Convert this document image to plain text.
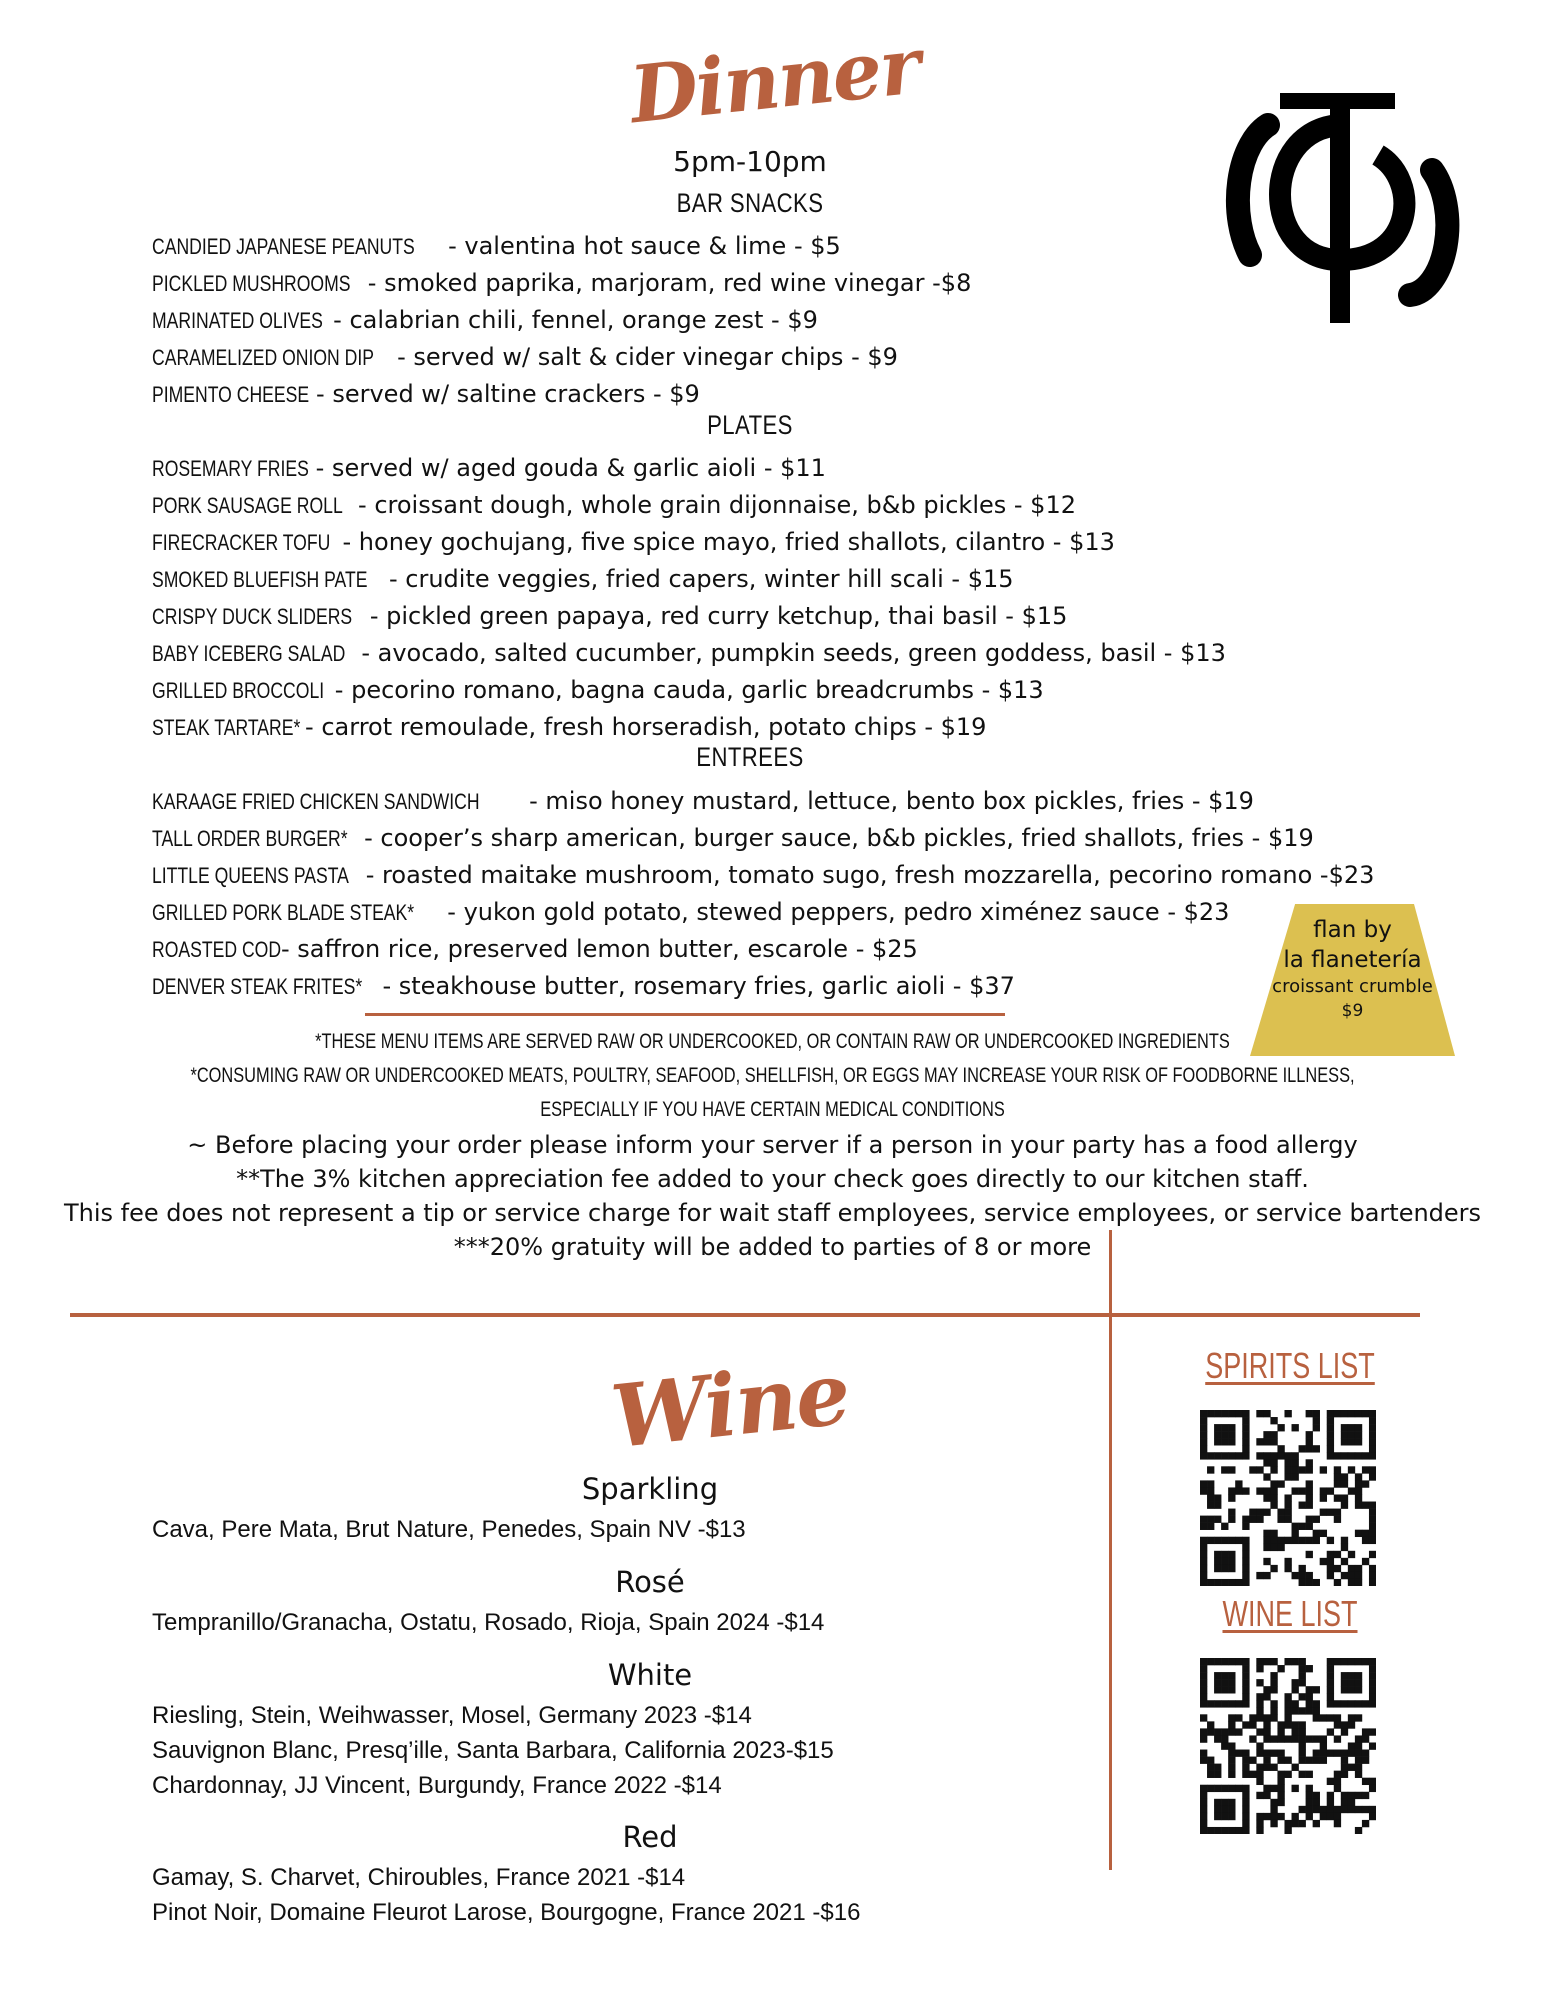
Dinner
5pm-10pm
BAR SNACKS
CANDIED JAPANESE PEANUTS - valentina hot sauce & lime - $5
PICKLED MUSHROOMS - smoked paprika, marjoram, red wine vinegar -$8
MARINATED OLIVES - calabrian chili, fennel, orange zest - $9
CARAMELIZED ONION DIP - served w/ salt & cider vinegar chips - $9
PIMENTO CHEESE - served w/ saltine crackers - $9
PLATES
ROSEMARY FRIES - served w/ aged gouda & garlic aioli - $11
PORK SAUSAGE ROLL - croissant dough, whole grain dijonnaise, b&b pickles - $12
FIRECRACKER TOFU - honey gochujang, five spice mayo, fried shallots, cilantro - $13
SMOKED BLUEFISH PATE - crudite veggies, fried capers, winter hill scali - $15
CRISPY DUCK SLIDERS - pickled green papaya, red curry ketchup, thai basil - $15
BABY ICEBERG SALAD - avocado, salted cucumber, pumpkin seeds, green goddess, basil - $13
GRILLED BROCCOLI - pecorino romano, bagna cauda, garlic breadcrumbs - $13
STEAK TARTARE* - carrot remoulade, fresh horseradish, potato chips - $19
ENTREES
KARAAGE FRIED CHICKEN SANDWICH - miso honey mustard, lettuce, bento box pickles, fries - $19
TALL ORDER BURGER* - cooper’s sharp american, burger sauce, b&b pickles, fried shallots, fries - $19
LITTLE QUEENS PASTA - roasted maitake mushroom, tomato sugo, fresh mozzarella, pecorino romano -$23
GRILLED PORK BLADE STEAK* - yukon gold potato, stewed peppers, pedro ximénez sauce - $23
ROASTED COD - saffron rice, preserved lemon butter, escarole - $25
DENVER STEAK FRITES* - steakhouse butter, rosemary fries, garlic aioli - $37
flan by
la flanetería
croissant crumble
$9
*THESE MENU ITEMS ARE SERVED RAW OR UNDERCOOKED, OR CONTAIN RAW OR UNDERCOOKED INGREDIENTS
*CONSUMING RAW OR UNDERCOOKED MEATS, POULTRY, SEAFOOD, SHELLFISH, OR EGGS MAY INCREASE YOUR RISK OF FOODBORNE ILLNESS,
ESPECIALLY IF YOU HAVE CERTAIN MEDICAL CONDITIONS
~ Before placing your order please inform your server if a person in your party has a food allergy
**The 3% kitchen appreciation fee added to your check goes directly to our kitchen staff.
This fee does not represent a tip or service charge for wait staff employees, service employees, or service bartenders
***20% gratuity will be added to parties of 8 or more
Wine
Sparkling
Cava, Pere Mata, Brut Nature, Penedes, Spain NV -$13
Rosé
Tempranillo/Granacha, Ostatu, Rosado, Rioja, Spain 2024 -$14
White
Riesling, Stein, Weihwasser, Mosel, Germany 2023 -$14
Sauvignon Blanc, Presq’ille, Santa Barbara, California 2023-$15
Chardonnay, JJ Vincent, Burgundy, France 2022 -$14
Red
Gamay, S. Charvet, Chiroubles, France 2021 -$14
Pinot Noir, Domaine Fleurot Larose, Bourgogne, France 2021 -$16
SPIRITS LIST
WINE LIST
